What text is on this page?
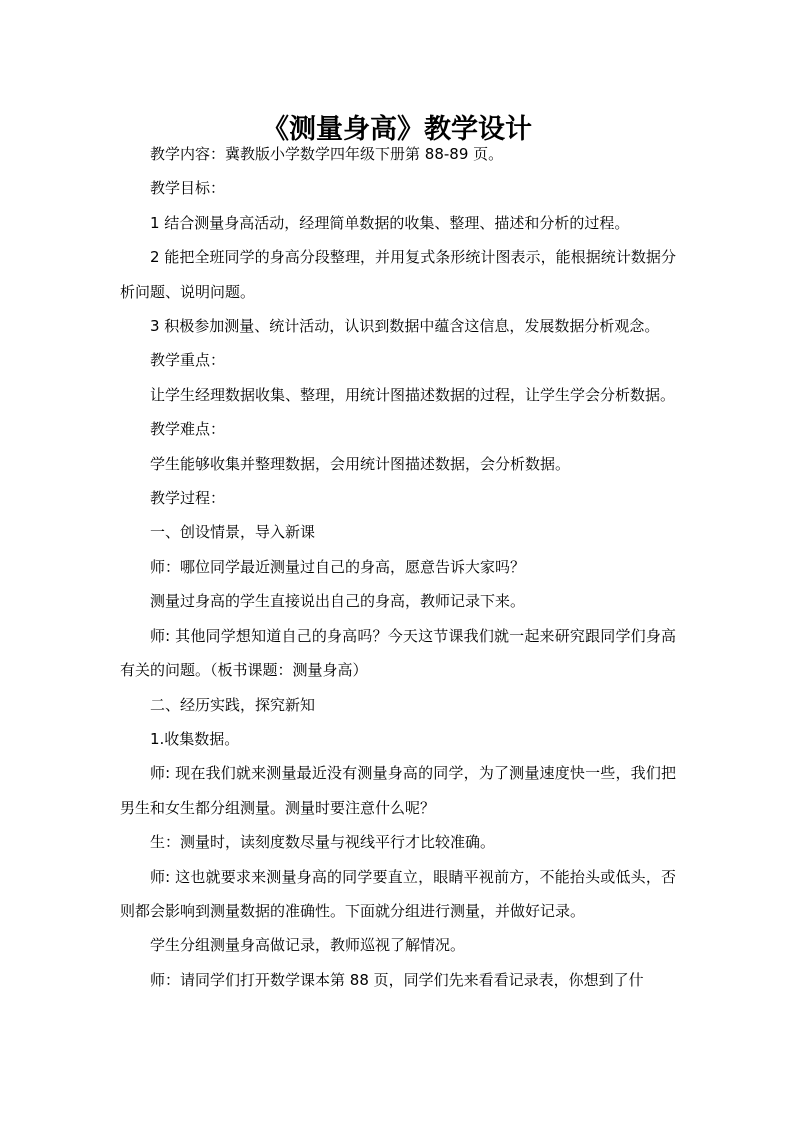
《测量身高》教学设计

教学内容：冀教版小学数学四年级下册第 88-89 页。

教学目标：

1 结合测量身高活动，经理简单数据的收集、整理、描述和分析的过程。

2 能把全班同学的身高分段整理，并用复式条形统计图表示，能根据统计数据分析问题、说明问题。

3 积极参加测量、统计活动，认识到数据中蕴含这信息，发展数据分析观念。

教学重点：

让学生经理数据收集、整理，用统计图描述数据的过程，让学生学会分析数据。

教学难点：

学生能够收集并整理数据，会用统计图描述数据，会分析数据。

教学过程：

一、创设情景，导入新课

师：哪位同学最近测量过自己的身高，愿意告诉大家吗？

测量过身高的学生直接说出自己的身高，教师记录下来。

师: 其他同学想知道自己的身高吗？今天这节课我们就一起来研究跟同学们身高有关的问题。（板书课题：测量身高）

二、经历实践，探究新知

1.收集数据。

师: 现在我们就来测量最近没有测量身高的同学，为了测量速度快一些，我们把男生和女生都分组测量。测量时要注意什么呢？

生：测量时，读刻度数尽量与视线平行才比较准确。

师: 这也就要求来测量身高的同学要直立，眼睛平视前方，不能抬头或低头，否则都会影响到测量数据的准确性。下面就分组进行测量，并做好记录。

学生分组测量身高做记录，教师巡视了解情况。

师：请同学们打开数学课本第 88 页，同学们先来看看记录表，你想到了什
